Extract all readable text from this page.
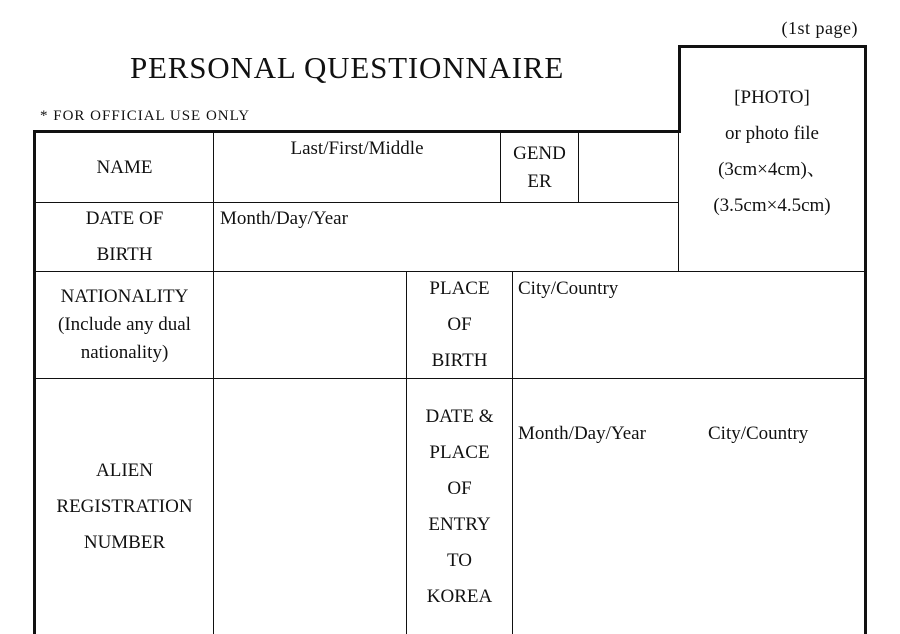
(1st page)
PERSONAL QUESTIONNAIRE
* FOR OFFICIAL USE ONLY
[PHOTO]
or photo file
(3cm×4cm)、
(3.5cm×4.5cm)
NAME
Last/First/Middle	GEND
ER
DATE OF
BIRTH
Month/Day/Year
NATIONALITY
(Include any dual
nationality)
PLACE
OF
BIRTH
City/Country
ALIEN
REGISTRATION
NUMBER
DATE &
PLACE
OF
ENTRY
TO
KOREA
Month/Day/Year	City/Country
